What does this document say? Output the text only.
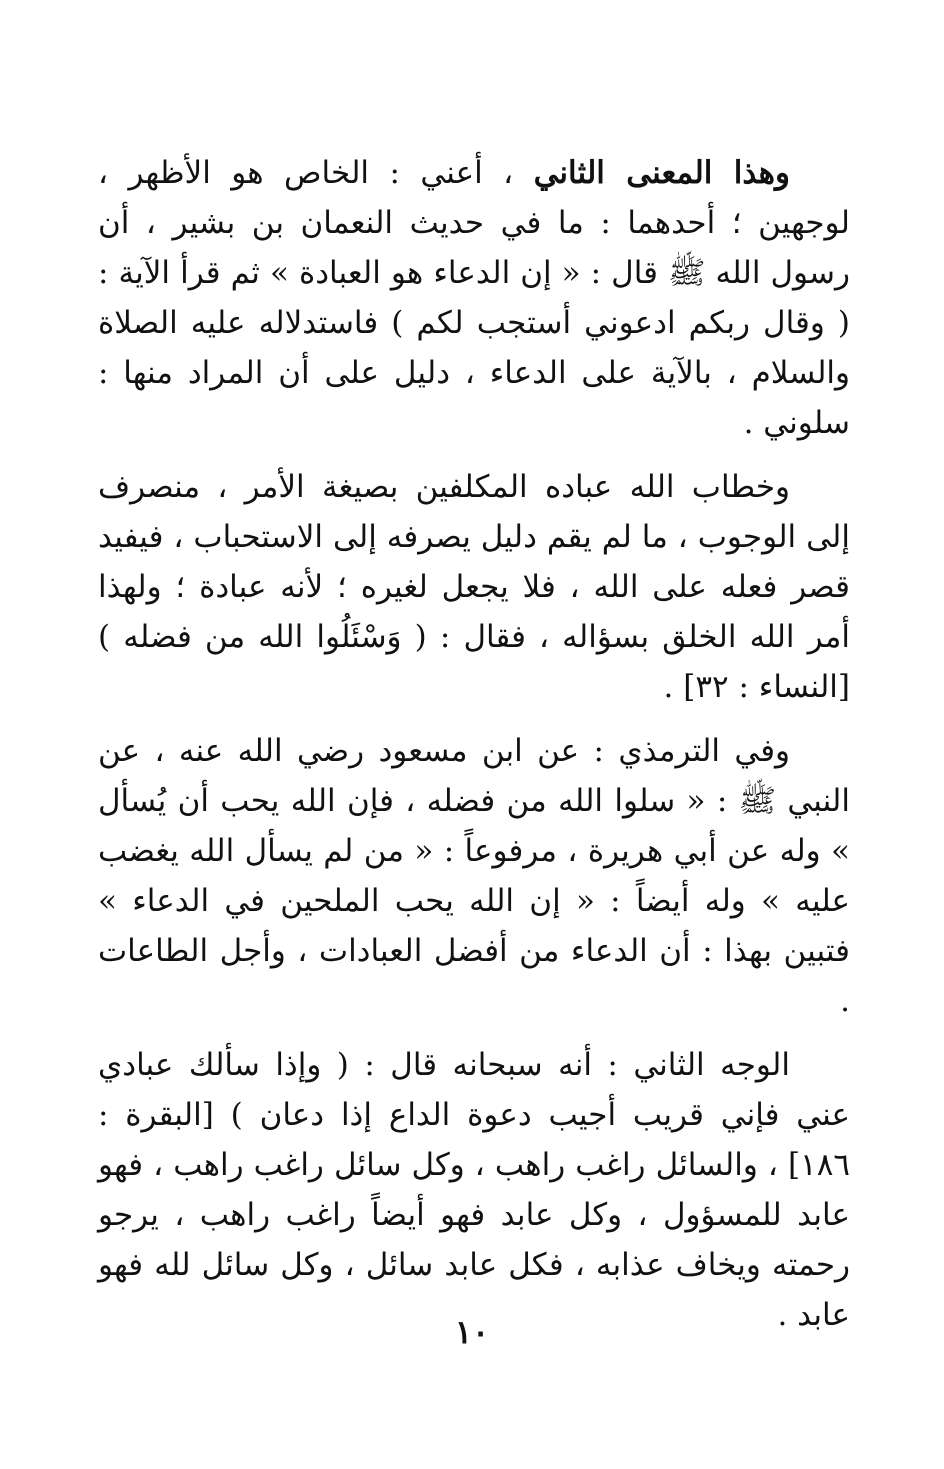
وهذا المعنى الثاني ، أعني : الخاص هو الأظهر ، لوجهين ؛ أحدهما : ما في حديث النعمان بن بشير ، أن رسول الله ﷺ قال : « إن الدعاء هو العبادة » ثم قرأ الآية : ( وقال ربكم ادعوني أستجب لكم ) فاستدلاله عليه الصلاة والسلام ، بالآية على الدعاء ، دليل على أن المراد منها : سلوني .

وخطاب الله عباده المكلفين بصيغة الأمر ، منصرف إلى الوجوب ، ما لم يقم دليل يصرفه إلى الاستحباب ، فيفيد قصر فعله على الله ، فلا يجعل لغيره ؛ لأنه عبادة ؛ ولهذا أمر الله الخلق بسؤاله ، فقال : ( وَسْئَلُوا الله من فضله ) [النساء : ٣٢] .

وفي الترمذي : عن ابن مسعود رضي الله عنه ، عن النبي ﷺ : « سلوا الله من فضله ، فإن الله يحب أن يُسأل » وله عن أبي هريرة ، مرفوعاً : « من لم يسأل الله يغضب عليه » وله أيضاً : « إن الله يحب الملحين في الدعاء » فتبين بهذا : أن الدعاء من أفضل العبادات ، وأجل الطاعات .

الوجه الثاني : أنه سبحانه قال : ( وإذا سألك عبادي عني فإني قريب أجيب دعوة الداع إذا دعان ) [البقرة : ١٨٦] ، والسائل راغب راهب ، وكل سائل راغب راهب ، فهو عابد للمسؤول ، وكل عابد فهو أيضاً راغب راهب ، يرجو رحمته ويخاف عذابه ، فكل عابد سائل ، وكل سائل لله فهو عابد .

١٠
